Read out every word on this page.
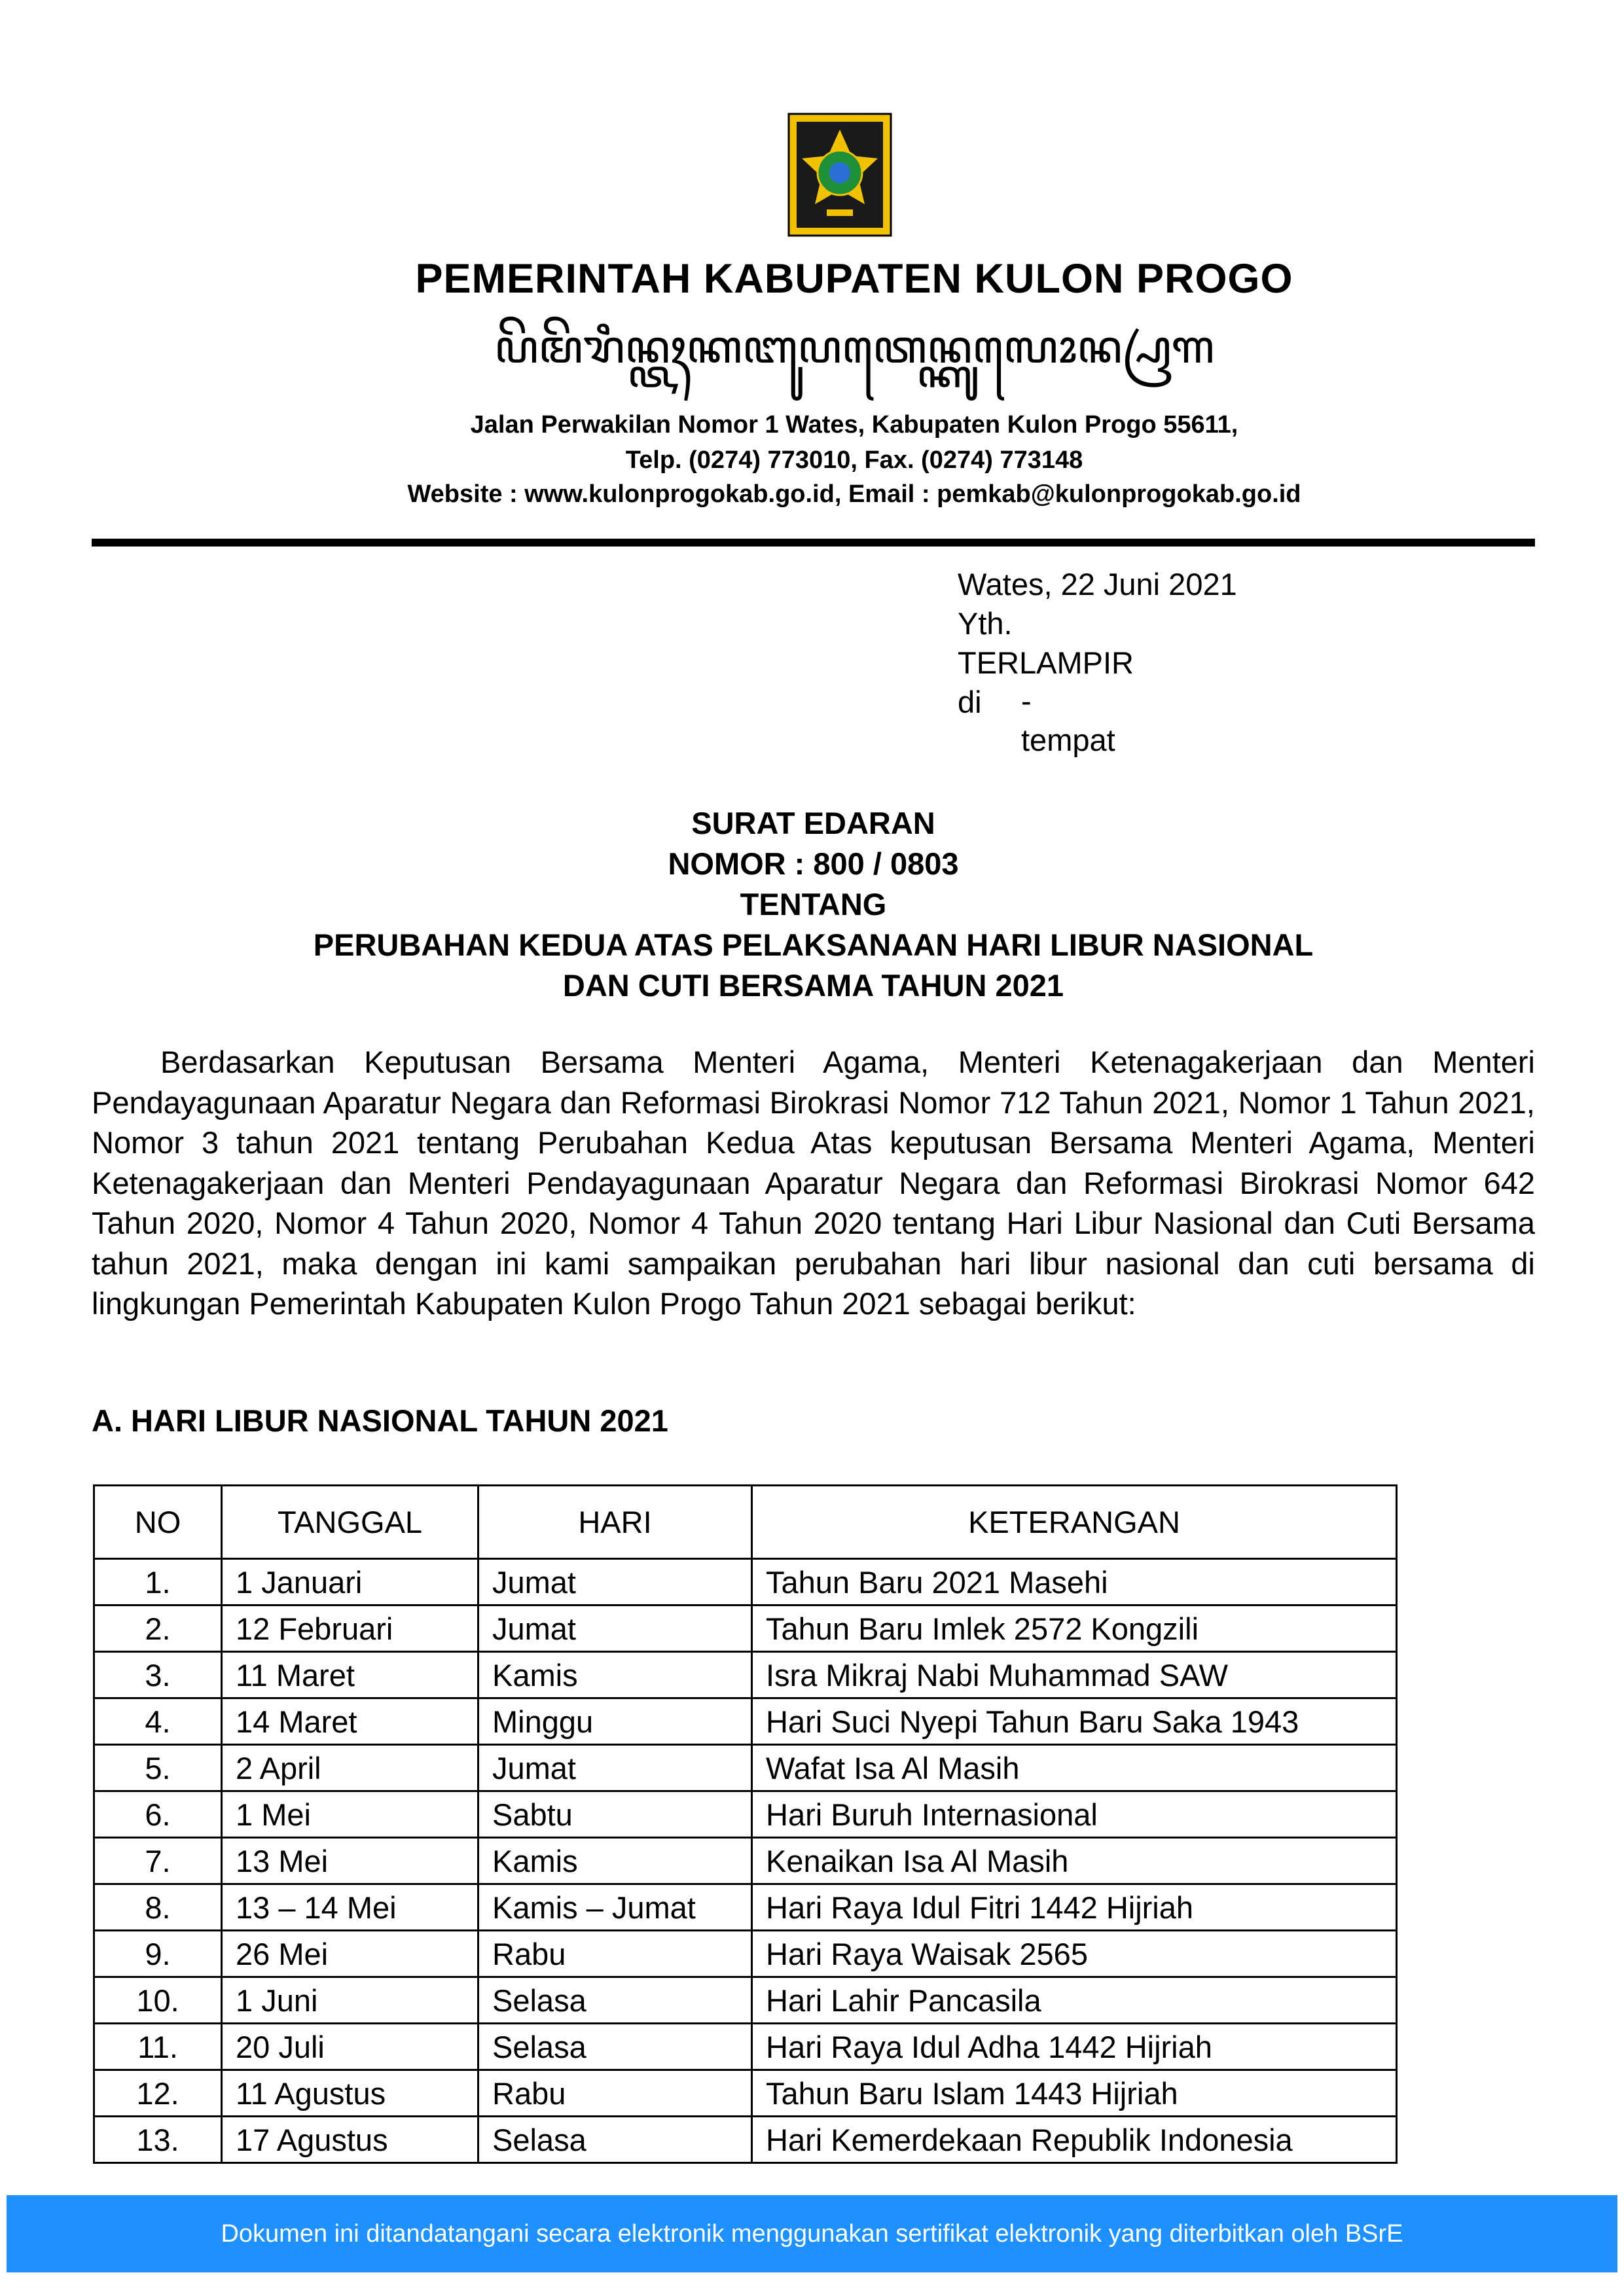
PEMERINTAH KABUPATEN KULON PROGO
ꦥꦼꦩꦼꦫꦶꦤ꧀ꦠꦃꦏꦧꦸꦥꦠꦺꦤ꧀ꦏꦸꦭꦺꦴꦤ꧀ꦥꦿꦒ
Jalan Perwakilan Nomor 1 Wates, Kabupaten Kulon Progo 55611,
Telp. (0274) 773010, Fax. (0274) 773148
Website : www.kulonprogokab.go.id, Email : pemkab@kulonprogokab.go.id
Wates, 22 Juni 2021
Yth.
TERLAMPIR
di -
tempat
SURAT EDARAN
NOMOR : 800 / 0803
TENTANG
PERUBAHAN KEDUA ATAS PELAKSANAAN HARI LIBUR NASIONAL
DAN CUTI BERSAMA TAHUN 2021

Berdasarkan Keputusan Bersama Menteri Agama, Menteri Ketenagakerjaan dan Menteri Pendayagunaan Aparatur Negara dan Reformasi Birokrasi Nomor 712 Tahun 2021, Nomor 1 Tahun 2021, Nomor 3 tahun 2021 tentang Perubahan Kedua Atas keputusan Bersama Menteri Agama, Menteri Ketenagakerjaan dan Menteri Pendayagunaan Aparatur Negara dan Reformasi Birokrasi Nomor 642 Tahun 2020, Nomor 4 Tahun 2020, Nomor 4 Tahun 2020 tentang Hari Libur Nasional dan Cuti Bersama tahun 2021, maka dengan ini kami sampaikan perubahan hari libur nasional dan cuti bersama di lingkungan Pemerintah Kabupaten Kulon Progo Tahun 2021 sebagai berikut:

A. HARI LIBUR NASIONAL TAHUN 2021
NO	TANGGAL	HARI	KETERANGAN
1.	1 Januari	Jumat	Tahun Baru 2021 Masehi
2.	12 Februari	Jumat	Tahun Baru Imlek 2572 Kongzili
3.	11 Maret	Kamis	Isra Mikraj Nabi Muhammad SAW
4.	14 Maret	Minggu	Hari Suci Nyepi Tahun Baru Saka 1943
5.	2 April	Jumat	Wafat Isa Al Masih
6.	1 Mei	Sabtu	Hari Buruh Internasional
7.	13 Mei	Kamis	Kenaikan Isa Al Masih
8.	13 – 14 Mei	Kamis – Jumat	Hari Raya Idul Fitri 1442 Hijriah
9.	26 Mei	Rabu	Hari Raya Waisak 2565
10.	1 Juni	Selasa	Hari Lahir Pancasila
11.	20 Juli	Selasa	Hari Raya Idul Adha 1442 Hijriah
12.	11 Agustus	Rabu	Tahun Baru Islam 1443 Hijriah
13.	17 Agustus	Selasa	Hari Kemerdekaan Republik Indonesia
Dokumen ini ditandatangani secara elektronik menggunakan sertifikat elektronik yang diterbitkan oleh BSrE
